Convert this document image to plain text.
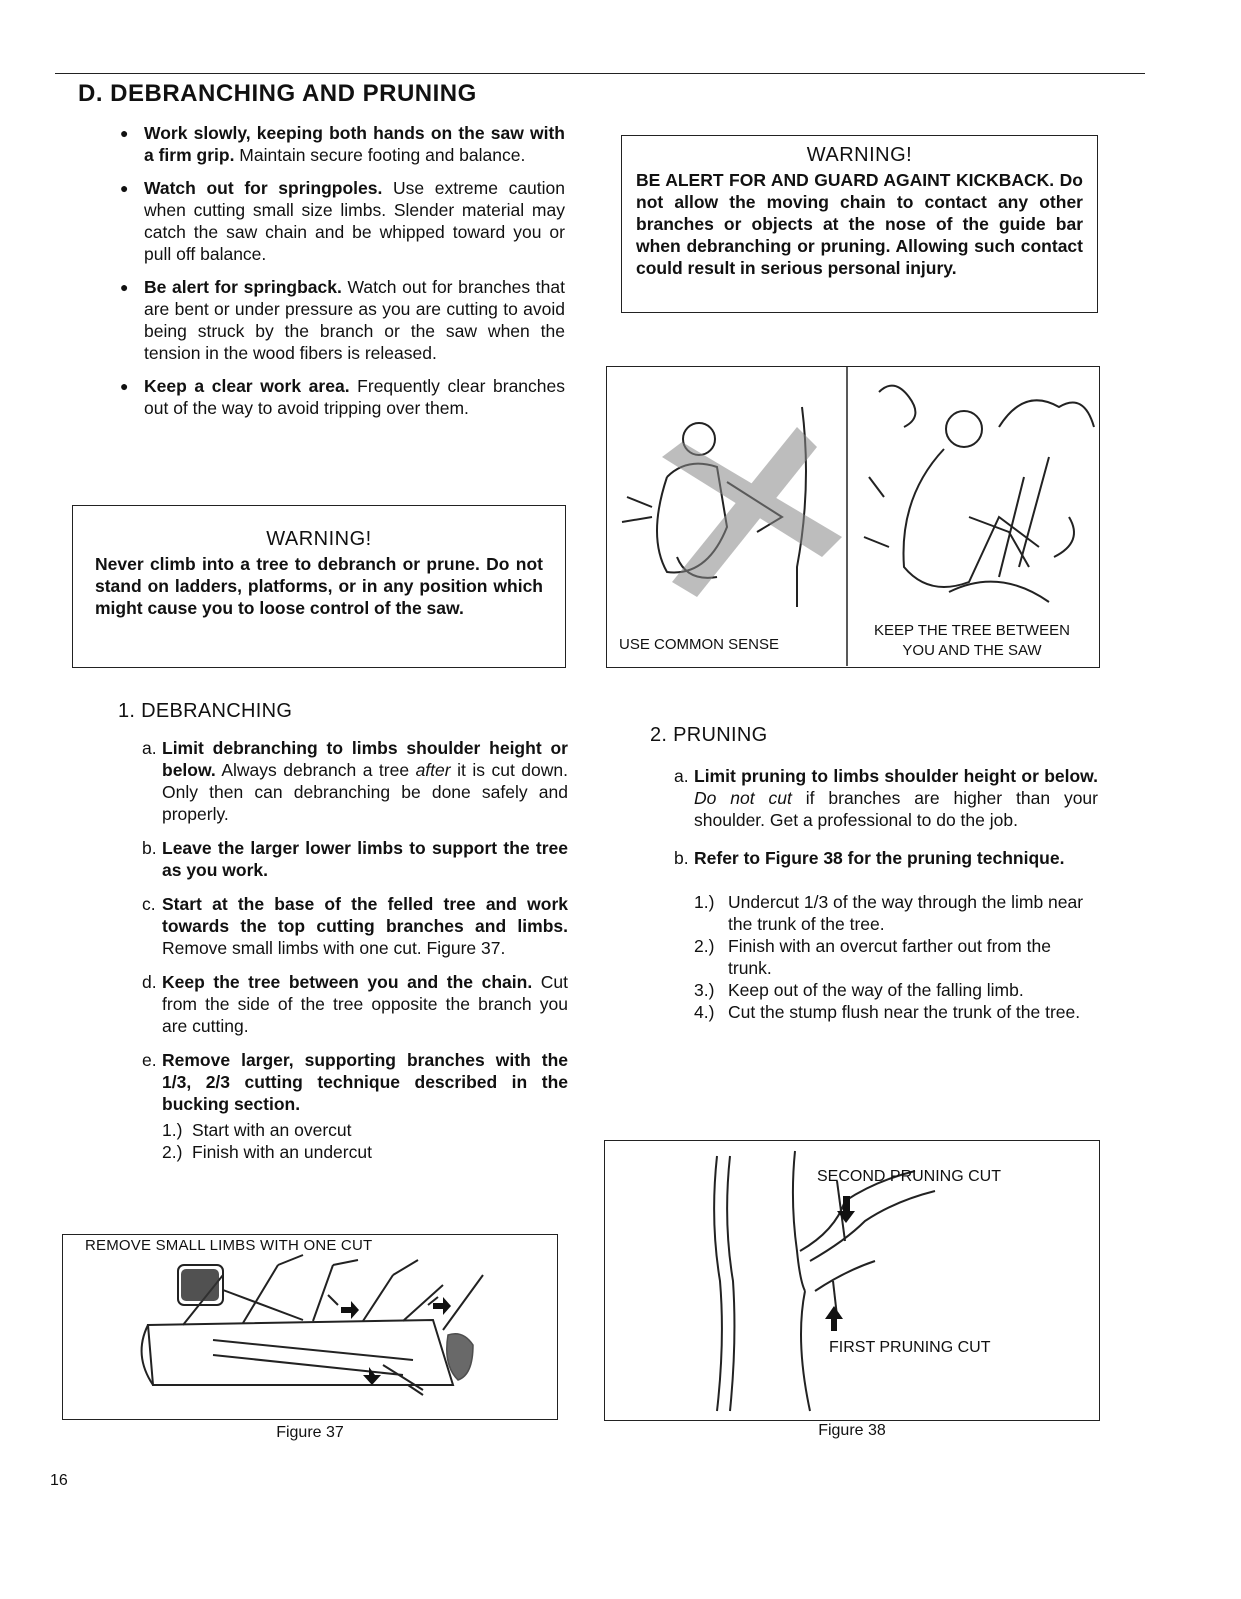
D. DEBRANCHING AND PRUNING
● Work slowly, keeping both hands on the saw with a firm grip. Maintain secure footing and balance.
● Watch out for springpoles. Use extreme caution when cutting small size limbs. Slender material may catch the saw chain and be whipped toward you or pull off balance.
● Be alert for springback. Watch out for branches that are bent or under pressure as you are cutting to avoid being struck by the branch or the saw when the tension in the wood fibers is released.
● Keep a clear work area. Frequently clear branches out of the way to avoid tripping over them.
WARNING!

Never climb into a tree to debranch or prune. Do not stand on ladders, platforms, or in any position which might cause you to loose control of the saw.

WARNING!

BE ALERT FOR AND GUARD AGAINT KICKBACK. Do not allow the moving chain to contact any other branches or objects at the nose of the guide bar when debranching or pruning. Allowing such contact could result in serious personal injury.

USE COMMON SENSE
KEEP THE TREE BETWEEN
YOU AND THE SAW
1. DEBRANCHING
a. Limit debranching to limbs shoulder height or below. Always debranch a tree after it is cut down. Only then can debranching be done safely and properly.
b. Leave the larger lower limbs to support the tree as you work.
c. Start at the base of the felled tree and work towards the top cutting branches and limbs. Remove small limbs with one cut. Figure 37.
d. Keep the tree between you and the chain. Cut from the side of the tree opposite the branch you are cutting.
e. Remove larger, supporting branches with the 1/3, 2/3 cutting technique described in the bucking section.
1.) Start with an overcut
2.) Finish with an undercut
2. PRUNING
a. Limit pruning to limbs shoulder height or below. Do not cut if branches are higher than your shoulder. Get a professional to do the job.
b. Refer to Figure 38 for the pruning technique.
1.) Undercut 1/3 of the way through the limb near the trunk of the tree.
2.) Finish with an overcut farther out from the trunk.
3.) Keep out of the way of the falling limb.
4.) Cut the stump flush near the trunk of the tree.
REMOVE SMALL LIMBS WITH ONE CUT
Figure 37
SECOND PRUNING CUT
FIRST PRUNING CUT
Figure 38
16
